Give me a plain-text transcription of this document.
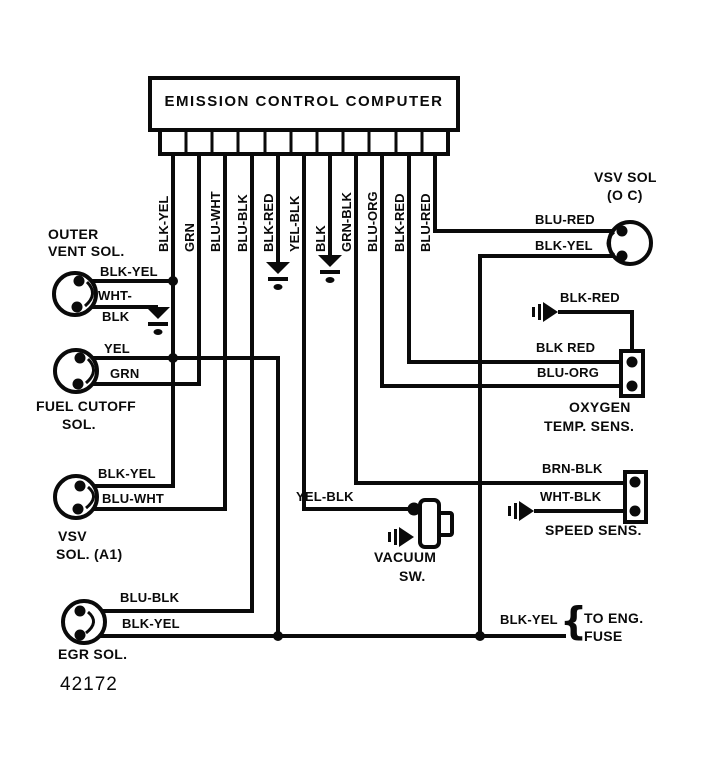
EMISSION CONTROL COMPUTER
BLK-YEL GRN BLU-WHT BLU-BLK BLK-RED YEL-BLK BLK GRN-BLK BLU-ORG BLK-RED BLU-RED
OUTER
VENT SOL.
BLK-YEL
WHT-
BLK
YEL
GRN
FUEL CUTOFF
SOL.
BLK-YEL
BLU-WHT
VSV
SOL. (A1)
BLU-BLK
BLK-YEL
EGR SOL.
42172
YEL-BLK
VACUUM
SW.
BLK-YEL {
TO ENG.
FUSE
VSV SOL
(O C)
BLU-RED
BLK-YEL
BLK-RED
BLK RED
BLU-ORG
OXYGEN
TEMP. SENS.
BRN-BLK
WHT-BLK
SPEED SENS.
